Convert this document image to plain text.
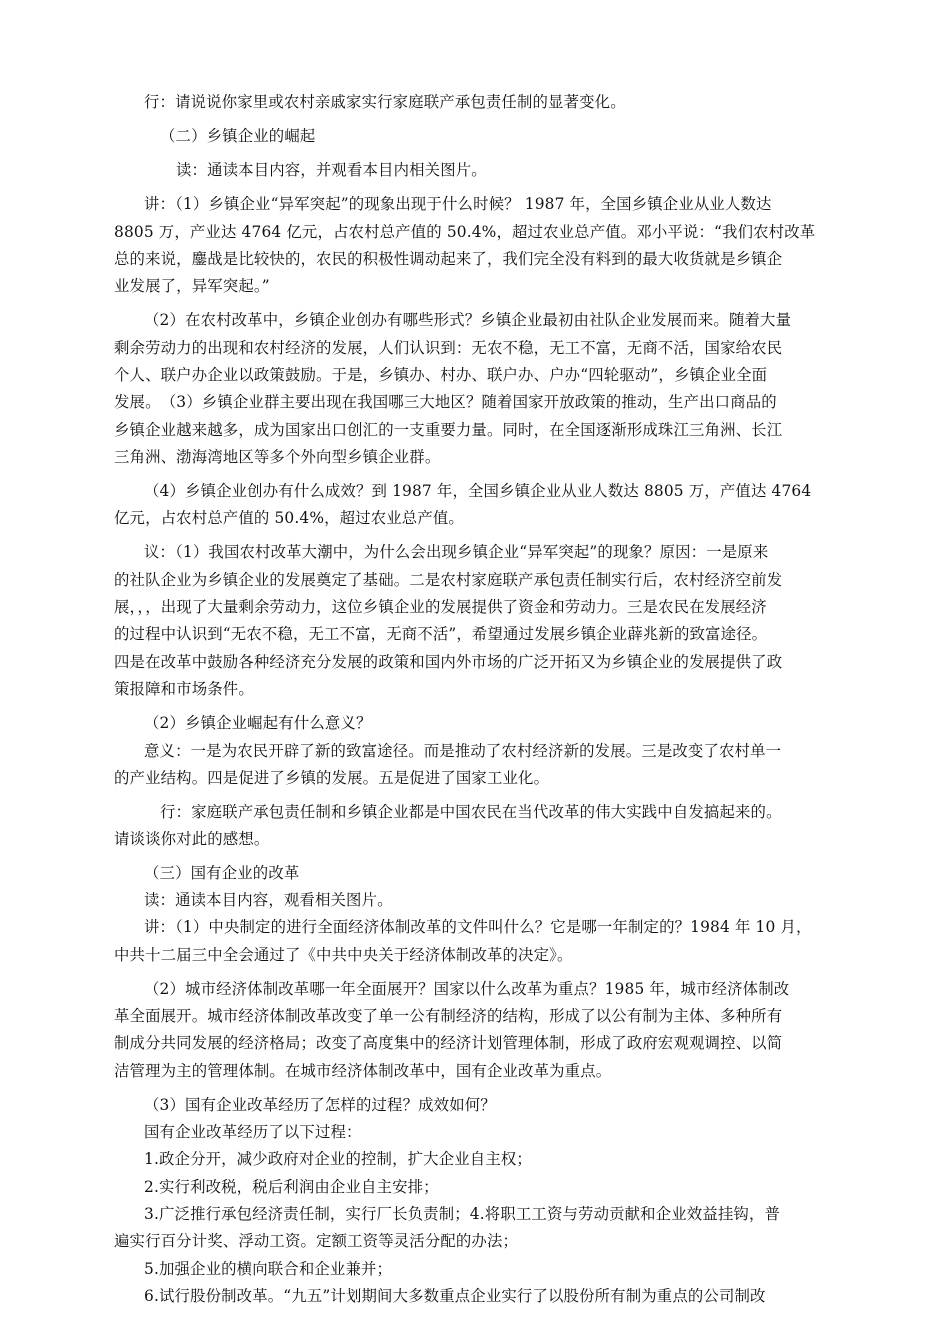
行：请说说你家里或农村亲戚家实行家庭联产承包责任制的显著变化。
（二）乡镇企业的崛起
读：通读本目内容，并观看本目内相关图片。
讲：（1）乡镇企业“异军突起”的现象出现于什么时候？ 1987 年，全国乡镇企业从业人数达
8805 万，产业达 4764 亿元，占农村总产值的 50.4%，超过农业总产值。邓小平说：“我们农村改革
总的来说，鏖战是比较快的，农民的积极性调动起来了，我们完全没有料到的最大收货就是乡镇企
业发展了，异军突起。”
（2）在农村改革中，乡镇企业创办有哪些形式？乡镇企业最初由社队企业发展而来。随着大量
剩余劳动力的出现和农村经济的发展，人们认识到：无农不稳，无工不富，无商不活，国家给农民
个人、联户办企业以政策鼓励。于是，乡镇办、村办、联户办、户办“四轮驱动”，乡镇企业全面
发展。　（3）乡镇企业群主要出现在我国哪三大地区？随着国家开放政策的推动，生产出口商品的
乡镇企业越来越多，成为国家出口创汇的一支重要力量。同时，在全国逐渐形成珠江三角洲、长江
三角洲、渤海湾地区等多个外向型乡镇企业群。
（4）乡镇企业创办有什么成效？到 1987 年，全国乡镇企业从业人数达 8805 万，产值达 4764
亿元，占农村总产值的 50.4%，超过农业总产值。
议：（1）我国农村改革大潮中，为什么会出现乡镇企业“异军突起”的现象？原因：一是原来
的社队企业为乡镇企业的发展奠定了基础。二是农村家庭联产承包责任制实行后，农村经济空前发
展，，，出现了大量剩余劳动力，这位乡镇企业的发展提供了资金和劳动力。三是农民在发展经济
的过程中认识到“无农不稳，无工不富，无商不活”，希望通过发展乡镇企业薜兆新的致富途径。
四是在改革中鼓励各种经济充分发展的政策和国内外市场的广泛开拓又为乡镇企业的发展提供了政
策报障和市场条件。
（2）乡镇企业崛起有什么意义？
意义：一是为农民开辟了新的致富途径。而是推动了农村经济新的发展。三是改变了农村单一
的产业结构。四是促进了乡镇的发展。五是促进了国家工业化。
行：家庭联产承包责任制和乡镇企业都是中国农民在当代改革的伟大实践中自发搞起来的。
请谈谈你对此的感想。
（三）国有企业的改革
读：通读本目内容，观看相关图片。
讲：（1）中央制定的进行全面经济体制改革的文件叫什么？它是哪一年制定的？1984 年 10 月，
中共十二届三中全会通过了《中共中央关于经济体制改革的决定》。
（2）城市经济体制改革哪一年全面展开？国家以什么改革为重点？1985 年，城市经济体制改
革全面展开。城市经济体制改革改变了单一公有制经济的结构，形成了以公有制为主体、多种所有
制成分共同发展的经济格局；改变了高度集中的经济计划管理体制，形成了政府宏观观调控、以简
洁管理为主的管理体制。在城市经济体制改革中，国有企业改革为重点。
（3）国有企业改革经历了怎样的过程？成效如何？
国有企业改革经历了以下过程：
1.政企分开，减少政府对企业的控制，扩大企业自主权；
2.实行利改税，税后利润由企业自主安排；
3.广泛推行承包经济责任制，实行厂长负责制；4.将职工工资与劳动贡献和企业效益挂钩，普
遍实行百分计奖、浮动工资。定额工资等灵活分配的办法；
5.加强企业的横向联合和企业兼并；
6.试行股份制改革。“九五”计划期间大多数重点企业实行了以股份所有制为重点的公司制改
